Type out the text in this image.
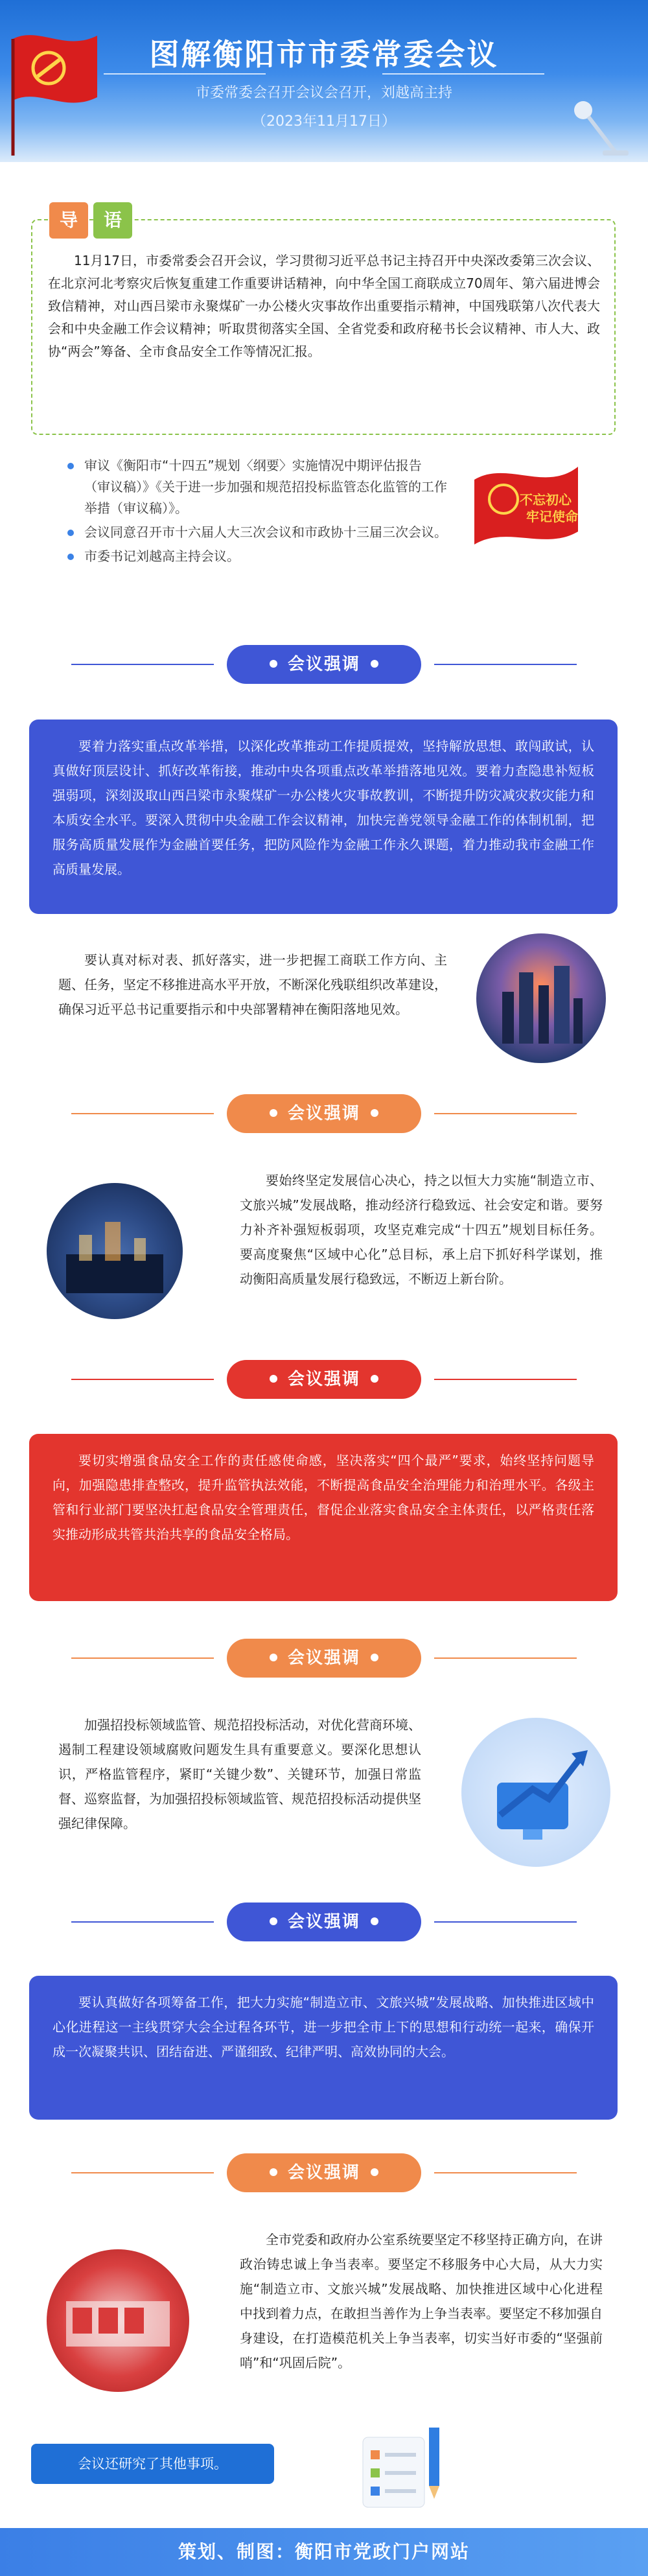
图解衡阳市市委常委会议
市委常委会召开会议会召开，刘越高主持
（2023年11月17日）
导 语
11月17日，市委常委会召开会议，学习贯彻习近平总书记主持召开中央深改委第三次会议、在北京河北考察灾后恢复重建工作重要讲话精神，向中华全国工商联成立70周年、第六届进博会致信精神，对山西吕梁市永聚煤矿一办公楼火灾事故作出重要指示精神，中国残联第八次代表大会和中央金融工作会议精神；听取贯彻落实全国、全省党委和政府秘书长会议精神、市人大、政协“两会”筹备、全市食品安全工作等情况汇报。
审议《衡阳市“十四五”规划〈纲要〉实施情况中期评估报告（审议稿）》《关于进一步加强和规范招投标监管态化监管的工作举措（审议稿）》。
会议同意召开市十六届人大三次会议和市政协十三届三次会议。
市委书记刘越高主持会议。
不忘初心
牢记使命
会议强调
要着力落实重点改革举措，以深化改革推动工作提质提效，坚持解放思想、敢闯敢试，认真做好顶层设计、抓好改革衔接，推动中央各项重点改革举措落地见效。要着力查隐患补短板强弱项，深刻汲取山西吕梁市永聚煤矿一办公楼火灾事故教训，不断提升防灾减灾救灾能力和本质安全水平。要深入贯彻中央金融工作会议精神，加快完善党领导金融工作的体制机制，把服务高质量发展作为金融首要任务，把防风险作为金融工作永久课题，着力推动我市金融工作高质量发展。
要认真对标对表、抓好落实，进一步把握工商联工作方向、主题、任务，坚定不移推进高水平开放，不断深化残联组织改革建设，确保习近平总书记重要指示和中央部署精神在衡阳落地见效。
会议强调
要始终坚定发展信心决心，持之以恒大力实施“制造立市、文旅兴城”发展战略，推动经济行稳致远、社会安定和谐。要努力补齐补强短板弱项，攻坚克难完成“十四五”规划目标任务。要高度聚焦“区域中心化”总目标，承上启下抓好科学谋划，推动衡阳高质量发展行稳致远，不断迈上新台阶。
会议强调
要切实增强食品安全工作的责任感使命感，坚决落实“四个最严”要求，始终坚持问题导向，加强隐患排查整改，提升监管执法效能，不断提高食品安全治理能力和治理水平。各级主管和行业部门要坚决扛起食品安全管理责任，督促企业落实食品安全主体责任，以严格责任落实推动形成共管共治共享的食品安全格局。
会议强调
加强招投标领域监管、规范招投标活动，对优化营商环境、遏制工程建设领域腐败问题发生具有重要意义。要深化思想认识，严格监管程序，紧盯“关键少数”、关键环节，加强日常监督、巡察监督，为加强招投标领域监管、规范招投标活动提供坚强纪律保障。
会议强调
要认真做好各项筹备工作，把大力实施“制造立市、文旅兴城”发展战略、加快推进区域中心化进程这一主线贯穿大会全过程各环节，进一步把全市上下的思想和行动统一起来，确保开成一次凝聚共识、团结奋进、严谨细致、纪律严明、高效协同的大会。
会议强调
全市党委和政府办公室系统要坚定不移坚持正确方向，在讲政治铸忠诚上争当表率。要坚定不移服务中心大局，从大力实施“制造立市、文旅兴城”发展战略、加快推进区域中心化进程中找到着力点，在敢担当善作为上争当表率。要坚定不移加强自身建设，在打造模范机关上争当表率，切实当好市委的“坚强前哨”和“巩固后院”。
会议还研究了其他事项。
策划、制图：衡阳市党政门户网站
